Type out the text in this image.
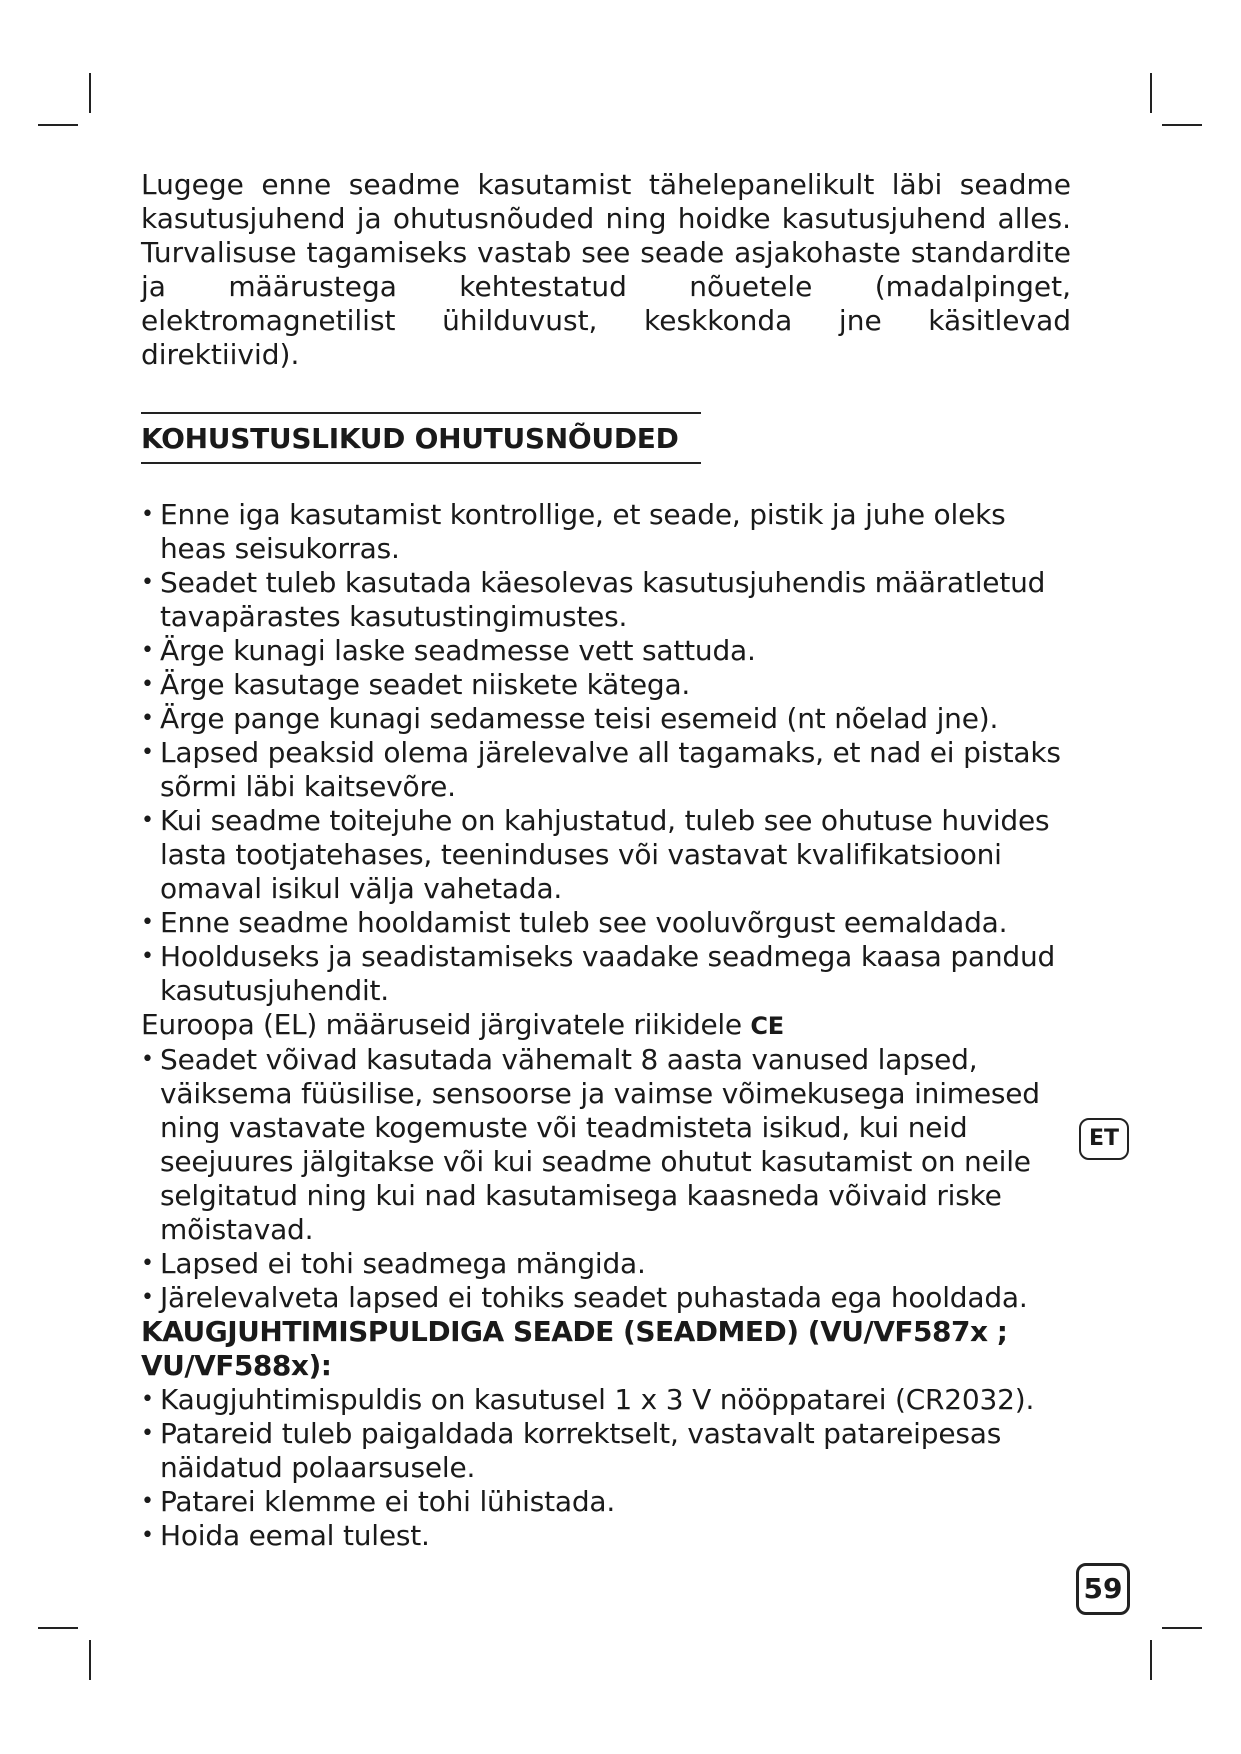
Lugege enne seadme kasutamist tähelepanelikult läbi seadme kasutusjuhend ja ohutusnõuded ning hoidke kasutusjuhend alles. Turvalisuse tagamiseks vastab see seade asjakohaste standardite ja määrustega kehtestatud nõuetele (madalpinget, elektromagnetilist ühilduvust, keskkonda jne käsitlevad direktiivid).

KOHUSTUSLIKUD OHUTUSNÕUDED
• Enne iga kasutamist kontrollige, et seade, pistik ja juhe oleks heas seisukorras.
• Seadet tuleb kasutada käesolevas kasutusjuhendis määratletud tavapärastes kasutustingimustes.
• Ärge kunagi laske seadmesse vett sattuda.
• Ärge kasutage seadet niiskete kätega.
• Ärge pange kunagi sedamesse teisi esemeid (nt nõelad jne).
• Lapsed peaksid olema järelevalve all tagamaks, et nad ei pistaks sõrmi läbi kaitsevõre.
• Kui seadme toitejuhe on kahjustatud, tuleb see ohutuse huvides lasta tootjatehases, teeninduses või vastavat kvalifikatsiooni omaval isikul välja vahetada.
• Enne seadme hooldamist tuleb see vooluvõrgust eemaldada.
• Hoolduseks ja seadistamiseks vaadake seadmega kaasa pandud kasutusjuhendit.
Euroopa (EL) määruseid järgivatele riikidele CE
• Seadet võivad kasutada vähemalt 8 aasta vanused lapsed, väiksema füüsilise, sensoorse ja vaimse võimekusega inimesed ning vastavate kogemuste või teadmisteta isikud, kui neid seejuures jälgitakse või kui seadme ohutut kasutamist on neile selgitatud ning kui nad kasutamisega kaasneda võivaid riske mõistavad.
• Lapsed ei tohi seadmega mängida.
• Järelevalveta lapsed ei tohiks seadet puhastada ega hooldada.
KAUGJUHTIMISPULDIGA SEADE (SEADMED) (VU/VF587x ; VU/VF588x):
• Kaugjuhtimispuldis on kasutusel 1 x 3 V nööppatarei (CR2032).
• Patareid tuleb paigaldada korrektselt, vastavalt patareipesas näidatud polaarsusele.
• Patarei klemme ei tohi lühistada.
• Hoida eemal tulest.
ET
59
